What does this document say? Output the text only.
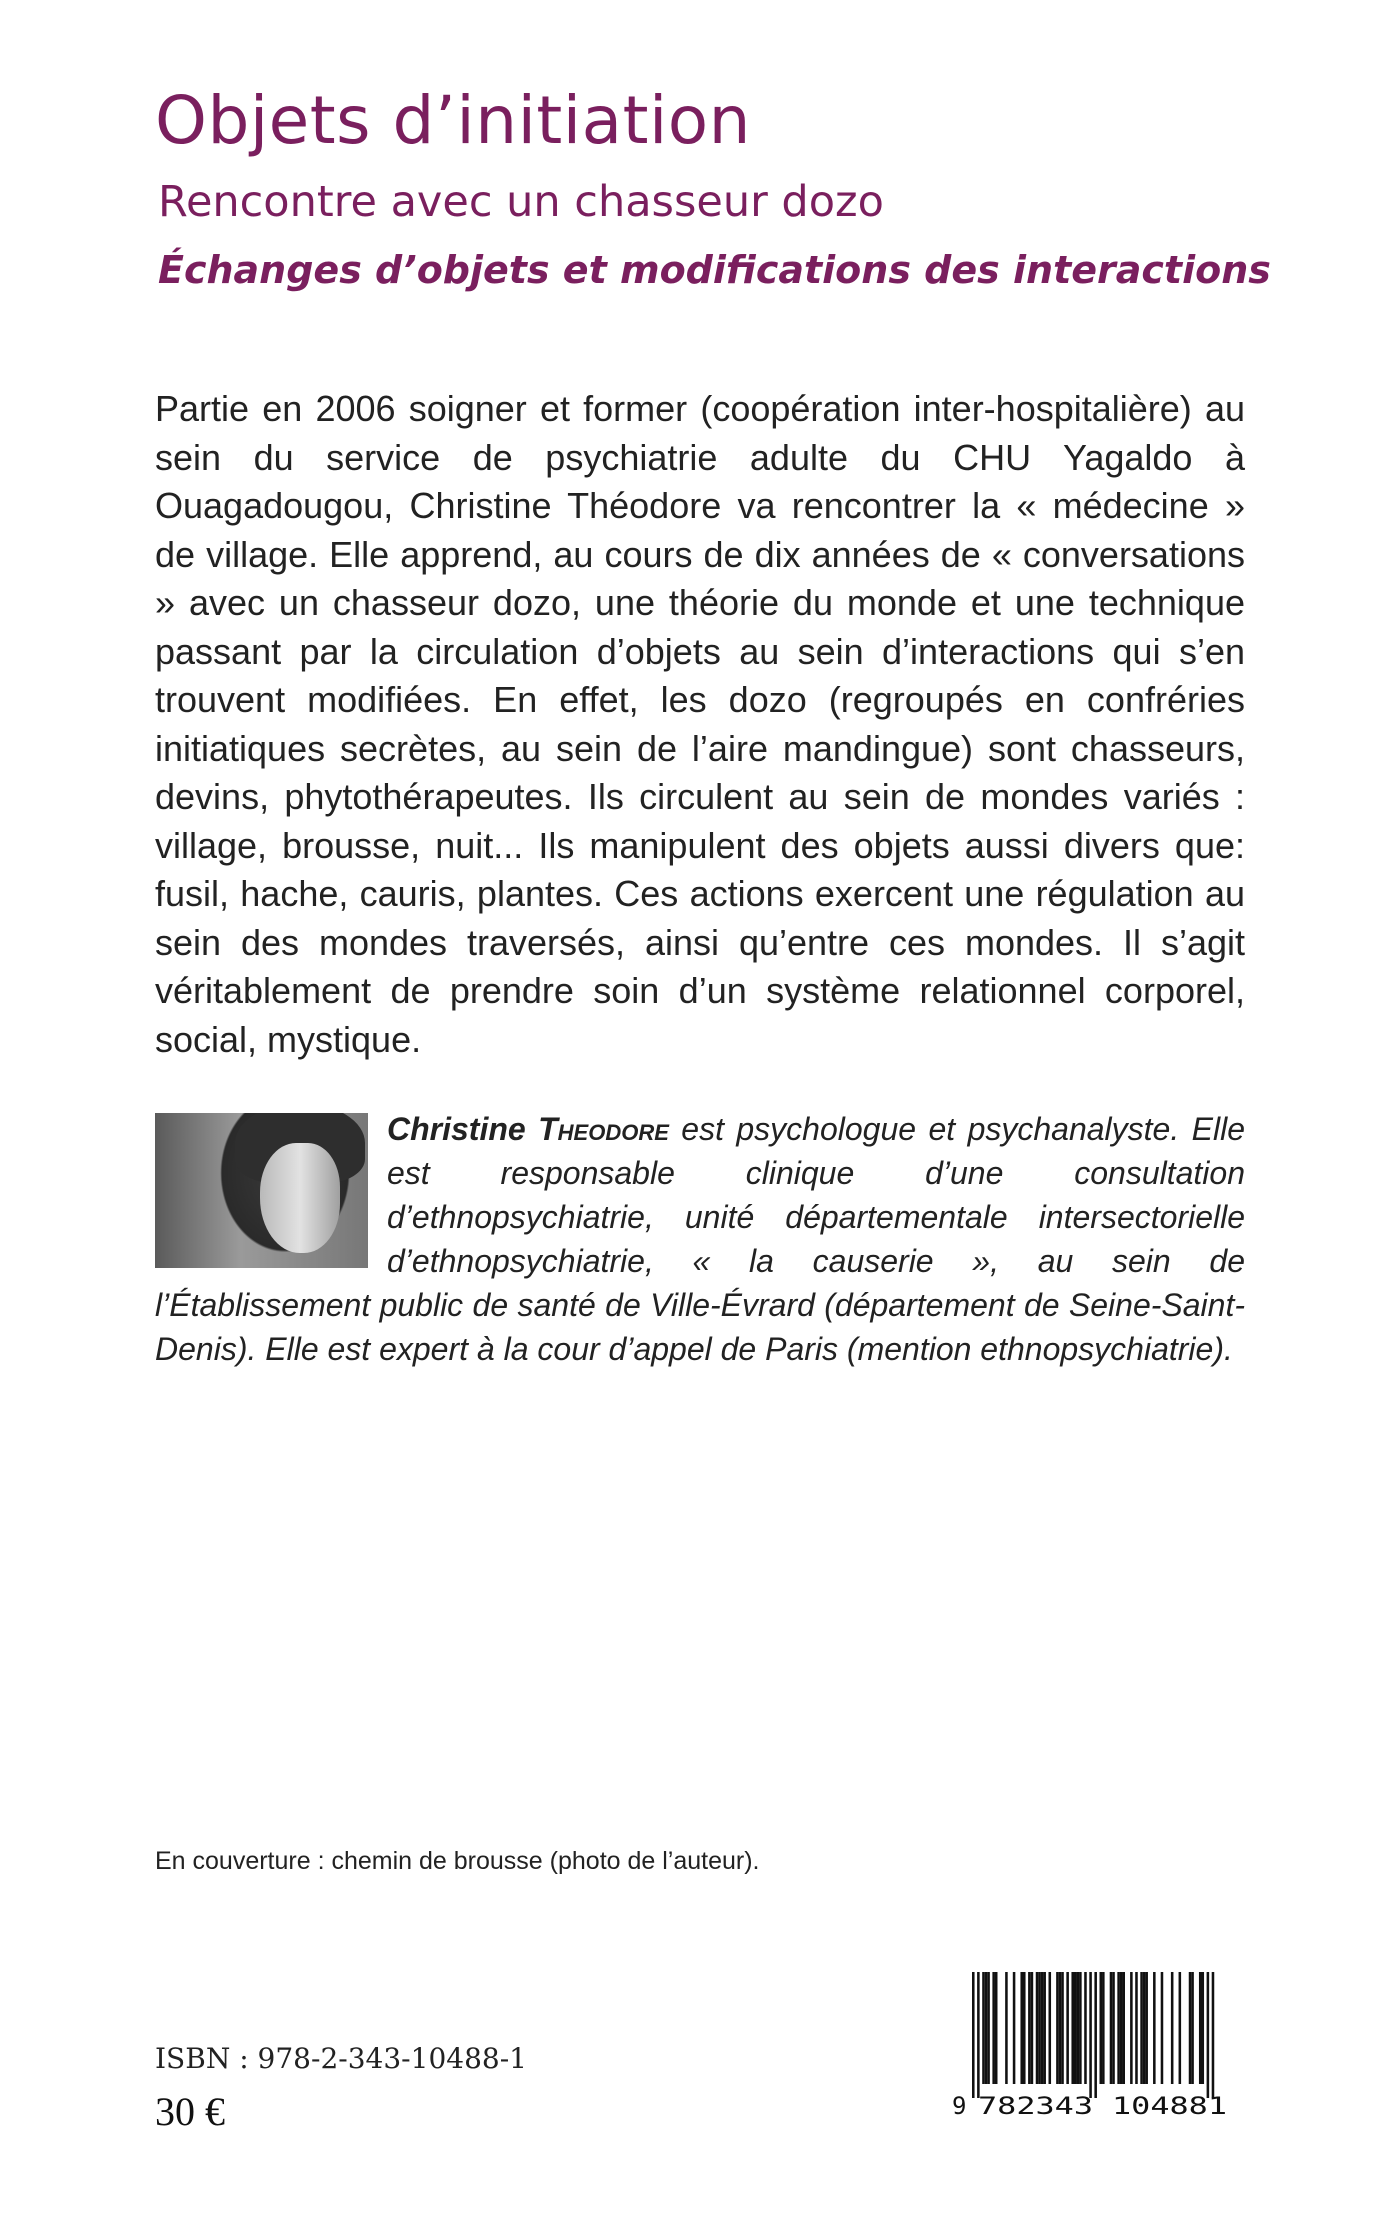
Objets d’initiation
Rencontre avec un chasseur dozo
Échanges d’objets et modifications des interactions

Partie en 2006 soigner et former (coopération inter-hospitalière) au sein du service de psychiatrie adulte du CHU Yagaldo à Ouagadougou, Christine Théodore va rencontrer la « médecine » de village. Elle apprend, au cours de dix années de « conversations » avec un chasseur dozo, une théorie du monde et une technique passant par la circulation d’objets au sein d’interactions qui s’en trouvent modifiées. En effet, les dozo (regroupés en confréries initiatiques secrètes, au sein de l’aire mandingue) sont chasseurs, devins, phytothérapeutes. Ils circulent au sein de mondes variés : village, brousse, nuit... Ils manipulent des objets aussi divers que: fusil, hache, cauris, plantes. Ces actions exercent une régulation au sein des mondes traversés, ainsi qu’entre ces mondes. Il s’agit véritablement de prendre soin d’un système relationnel corporel, social, mystique.

Christine Theodore est psychologue et psychanalyste. Elle est responsable clinique d’une consultation d’ethnopsychiatrie, unité départementale intersectorielle d’ethnopsychiatrie, « la causerie », au sein de l’Établissement public de santé de Ville-Évrard (département de Seine-Saint-Denis). Elle est expert à la cour d’appel de Paris (mention ethnopsychiatrie).

En couverture : chemin de brousse (photo de l’auteur).

ISBN : 978-2-343-10488-1

30 €	9 782343 104881
